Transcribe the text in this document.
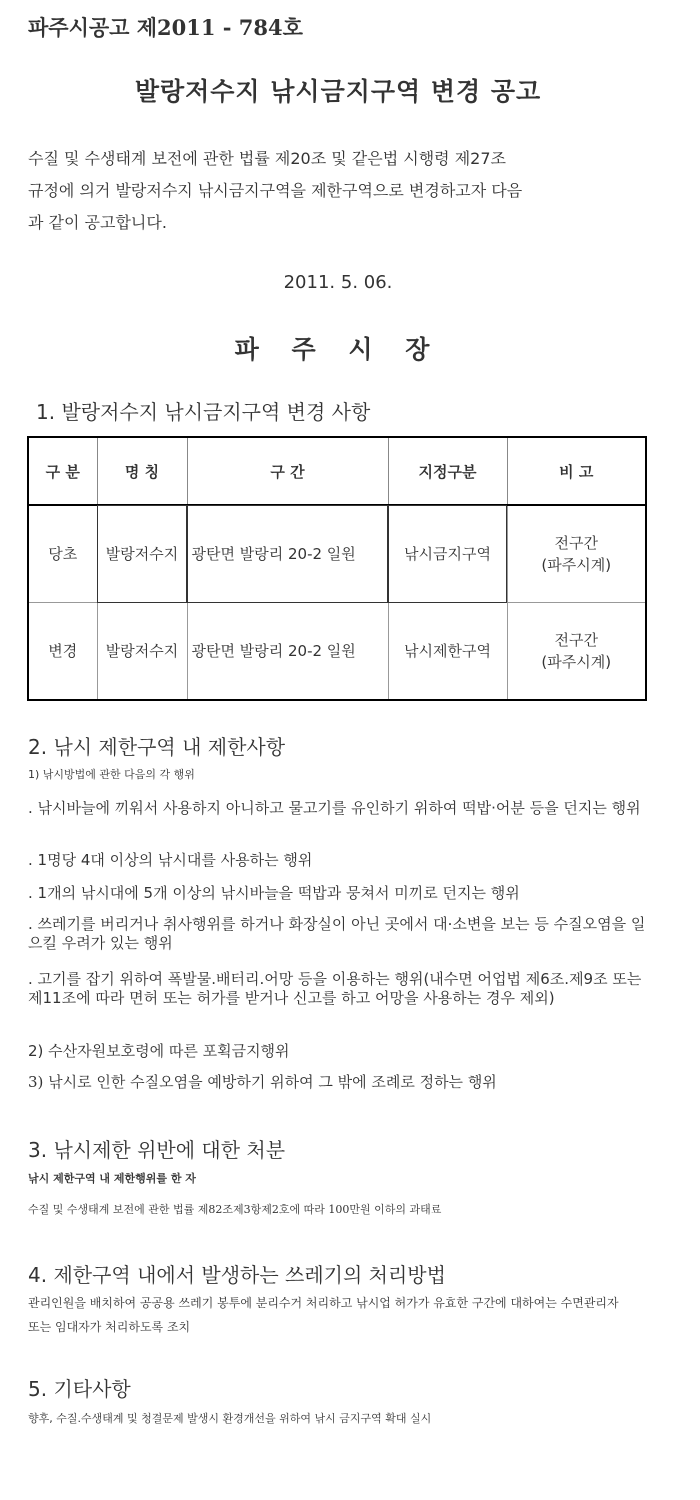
파주시공고 제2011 - 784호
발랑저수지 낚시금지구역 변경 공고
수질 및 수생태계 보전에 관한 법률 제20조 및 같은법 시행령 제27조
규정에 의거 발랑저수지 낚시금지구역을 제한구역으로 변경하고자 다음
과 같이 공고합니다.
2011. 5. 06.
파 주 시 장
1. 발랑저수지 낚시금지구역 변경 사항
구 분	명 칭	구 간	지정구분	비 고
당초	발랑저수지	광탄면 발랑리 20-2 일원	낚시금지구역	전구간
(파주시계)

변경	발랑저수지	광탄면 발랑리 20-2 일원	낚시제한구역	전구간
(파주시계)
2. 낚시 제한구역 내 제한사항
1) 낚시방법에 관한 다음의 각 행위
. 낚시바늘에 끼워서 사용하지 아니하고 물고기를 유인하기 위하여 떡밥·어분 등을 던지는 행위
. 1명당 4대 이상의 낚시대를 사용하는 행위
. 1개의 낚시대에 5개 이상의 낚시바늘을 떡밥과 뭉쳐서 미끼로 던지는 행위
. 쓰레기를 버리거나 취사행위를 하거나 화장실이 아닌 곳에서 대·소변을 보는 등 수질오염을 일으킬 우려가 있는 행위
. 고기를 잡기 위하여 폭발물.배터리.어망 등을 이용하는 행위(내수면 어업법 제6조.제9조 또는 제11조에 따라 면허 또는 허가를 받거나 신고를 하고 어망을 사용하는 경우 제외)
2) 수산자원보호령에 따른 포획금지행위
3) 낚시로 인한 수질오염을 예방하기 위하여 그 밖에 조례로 정하는 행위
3. 낚시제한 위반에 대한 처분
낚시 제한구역 내 제한행위를 한 자
수질 및 수생태계 보전에 관한 법률 제82조제3항제2호에 따라 100만원 이하의 과태료
4. 제한구역 내에서 발생하는 쓰레기의 처리방법
관리인원을 배치하여 공공용 쓰레기 봉투에 분리수거 처리하고 낚시업 허가가 유효한 구간에 대하여는 수면관리자
또는 임대자가 처리하도록 조치
5. 기타사항
향후, 수질.수생태계 및 청결문제 발생시 환경개선을 위하여 낚시 금지구역 확대 실시
